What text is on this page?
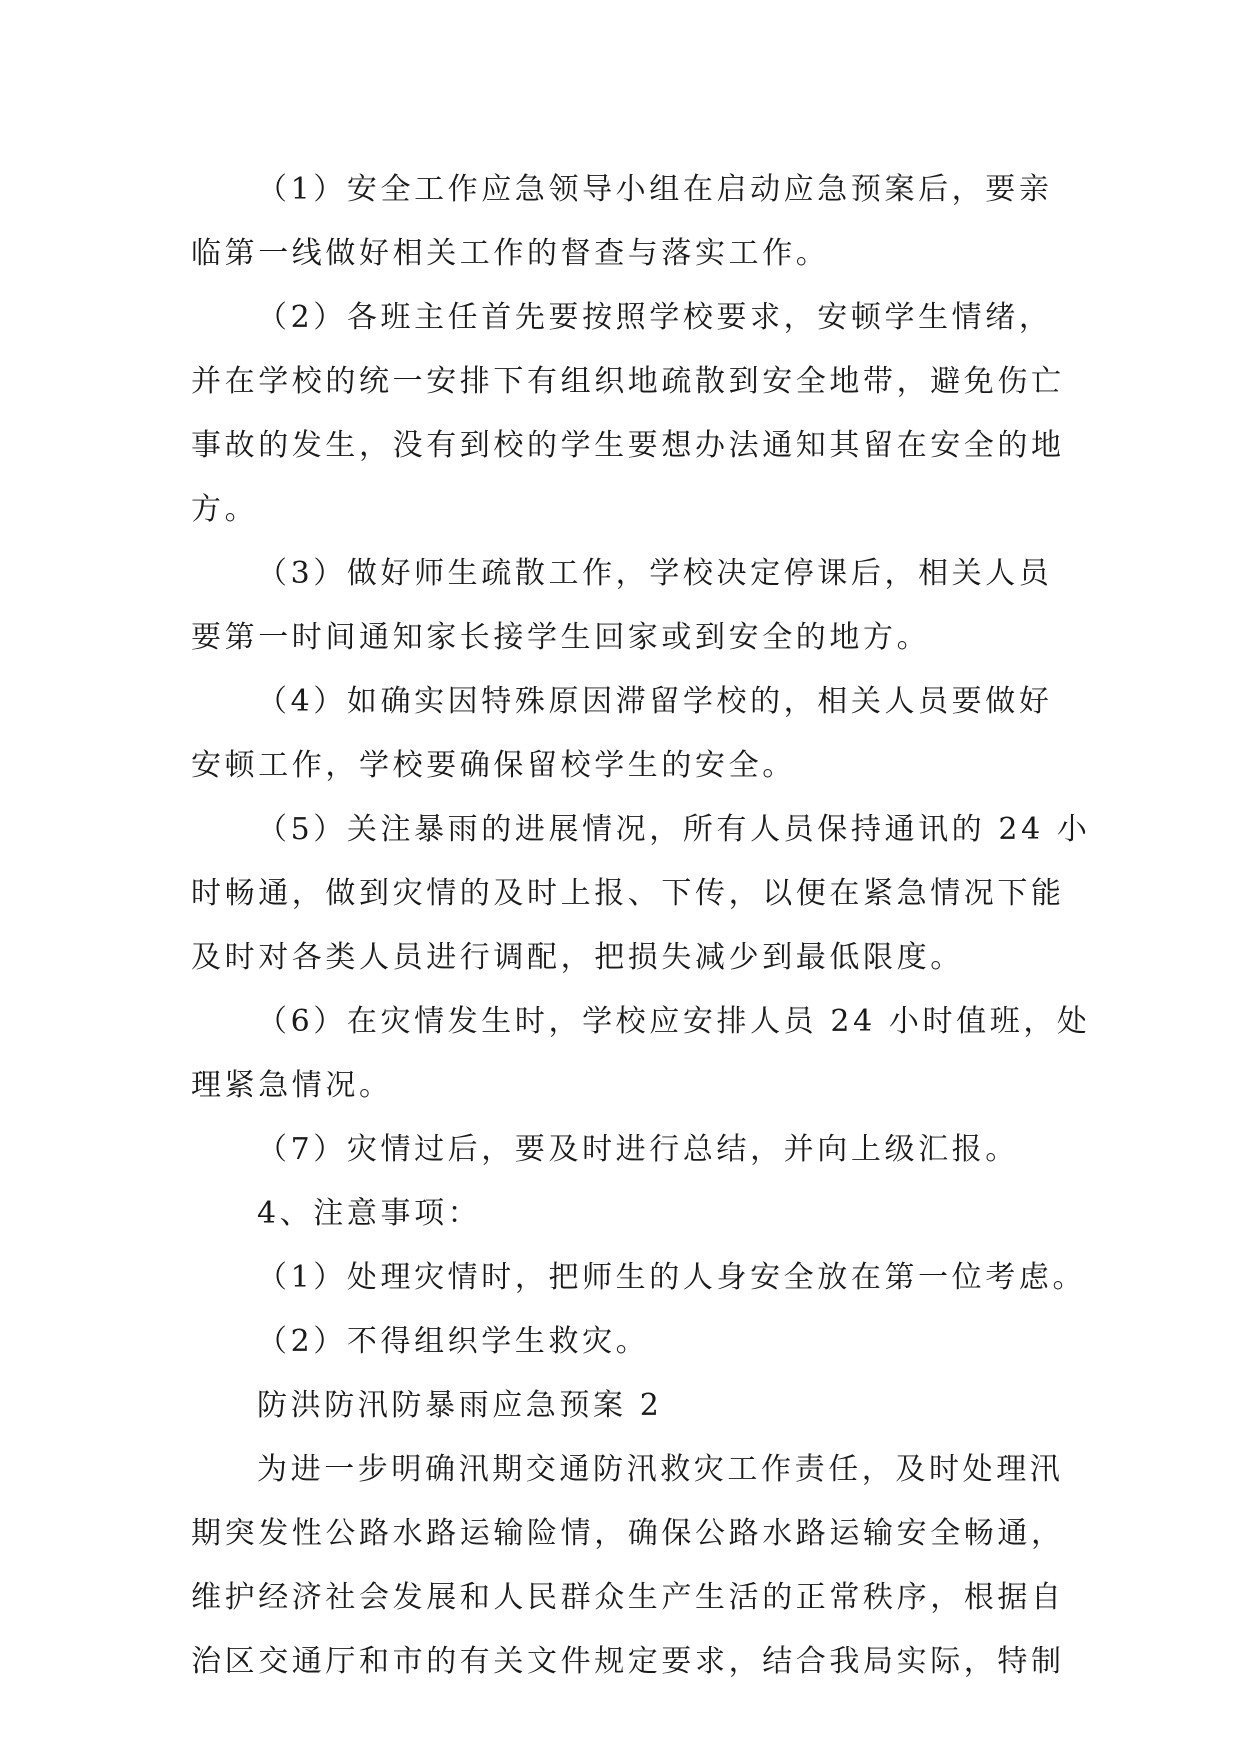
（1）安全工作应急领导小组在启动应急预案后，要亲
临第一线做好相关工作的督查与落实工作。
（2）各班主任首先要按照学校要求，安顿学生情绪，
并在学校的统一安排下有组织地疏散到安全地带，避免伤亡
事故的发生，没有到校的学生要想办法通知其留在安全的地
方。
（3）做好师生疏散工作，学校决定停课后，相关人员
要第一时间通知家长接学生回家或到安全的地方。
（4）如确实因特殊原因滞留学校的，相关人员要做好
安顿工作，学校要确保留校学生的安全。
（5）关注暴雨的进展情况，所有人员保持通讯的 24 小
时畅通，做到灾情的及时上报、下传，以便在紧急情况下能
及时对各类人员进行调配，把损失减少到最低限度。
（6）在灾情发生时，学校应安排人员 24 小时值班，处
理紧急情况。
（7）灾情过后，要及时进行总结，并向上级汇报。
4、注意事项：
（1）处理灾情时，把师生的人身安全放在第一位考虑。
（2）不得组织学生救灾。
防洪防汛防暴雨应急预案 2
为进一步明确汛期交通防汛救灾工作责任，及时处理汛
期突发性公路水路运输险情，确保公路水路运输安全畅通，
维护经济社会发展和人民群众生产生活的正常秩序，根据自
治区交通厅和市的有关文件规定要求，结合我局实际，特制
